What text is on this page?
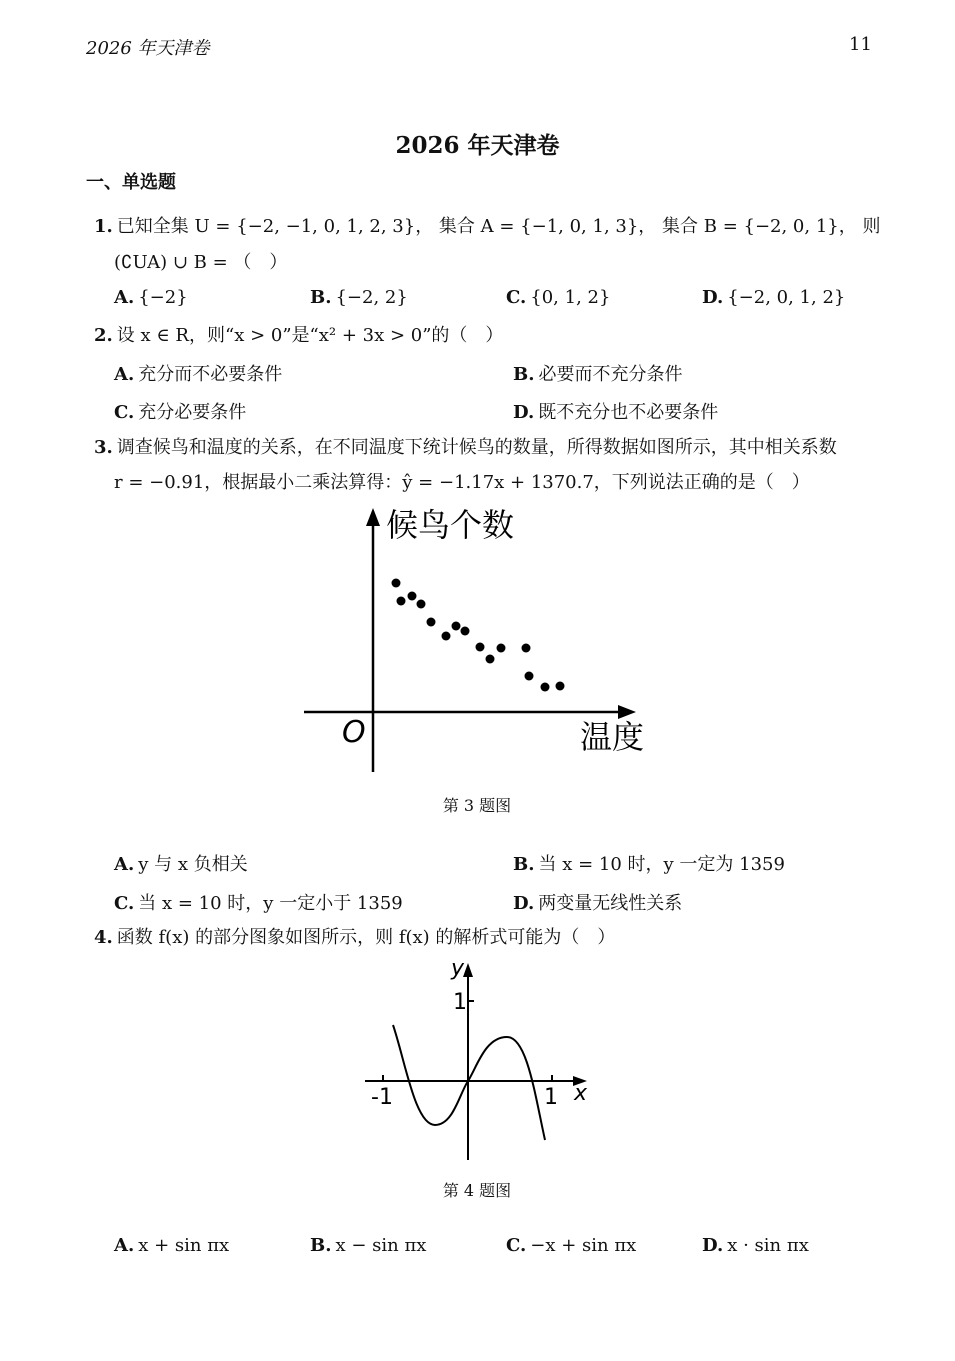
2026 年天津卷	11
2026 年天津卷
一、单选题
1. 已知全集 U = {−2, −1, 0, 1, 2, 3}， 集合 A = {−1, 0, 1, 3}， 集合 B = {−2, 0, 1}， 则
(∁UA) ∪ B = （　）
A. {−2}	B. {−2, 2}	C. {0, 1, 2}	D. {−2, 0, 1, 2}
2. 设 x ∈ R，则“x > 0”是“x² + 3x > 0”的（　）
A. 充分而不必要条件	B. 必要而不充分条件
C. 充分必要条件	D. 既不充分也不必要条件
3. 调查候鸟和温度的关系，在不同温度下统计候鸟的数量，所得数据如图所示，其中相关系数
r = −0.91，根据最小二乘法算得：ŷ = −1.17x + 1370.7，下列说法正确的是（　）
候鸟个数
温度
O
第 3 题图
A. y 与 x 负相关	B. 当 x = 10 时，y 一定为 1359
C. 当 x = 10 时，y 一定小于 1359	D. 两变量无线性关系
4. 函数 f(x) 的部分图象如图所示，则 f(x) 的解析式可能为（　）
y
x
1
-1	1
第 4 题图
A. x + sin πx	B. x − sin πx	C. −x + sin πx	D. x · sin πx
